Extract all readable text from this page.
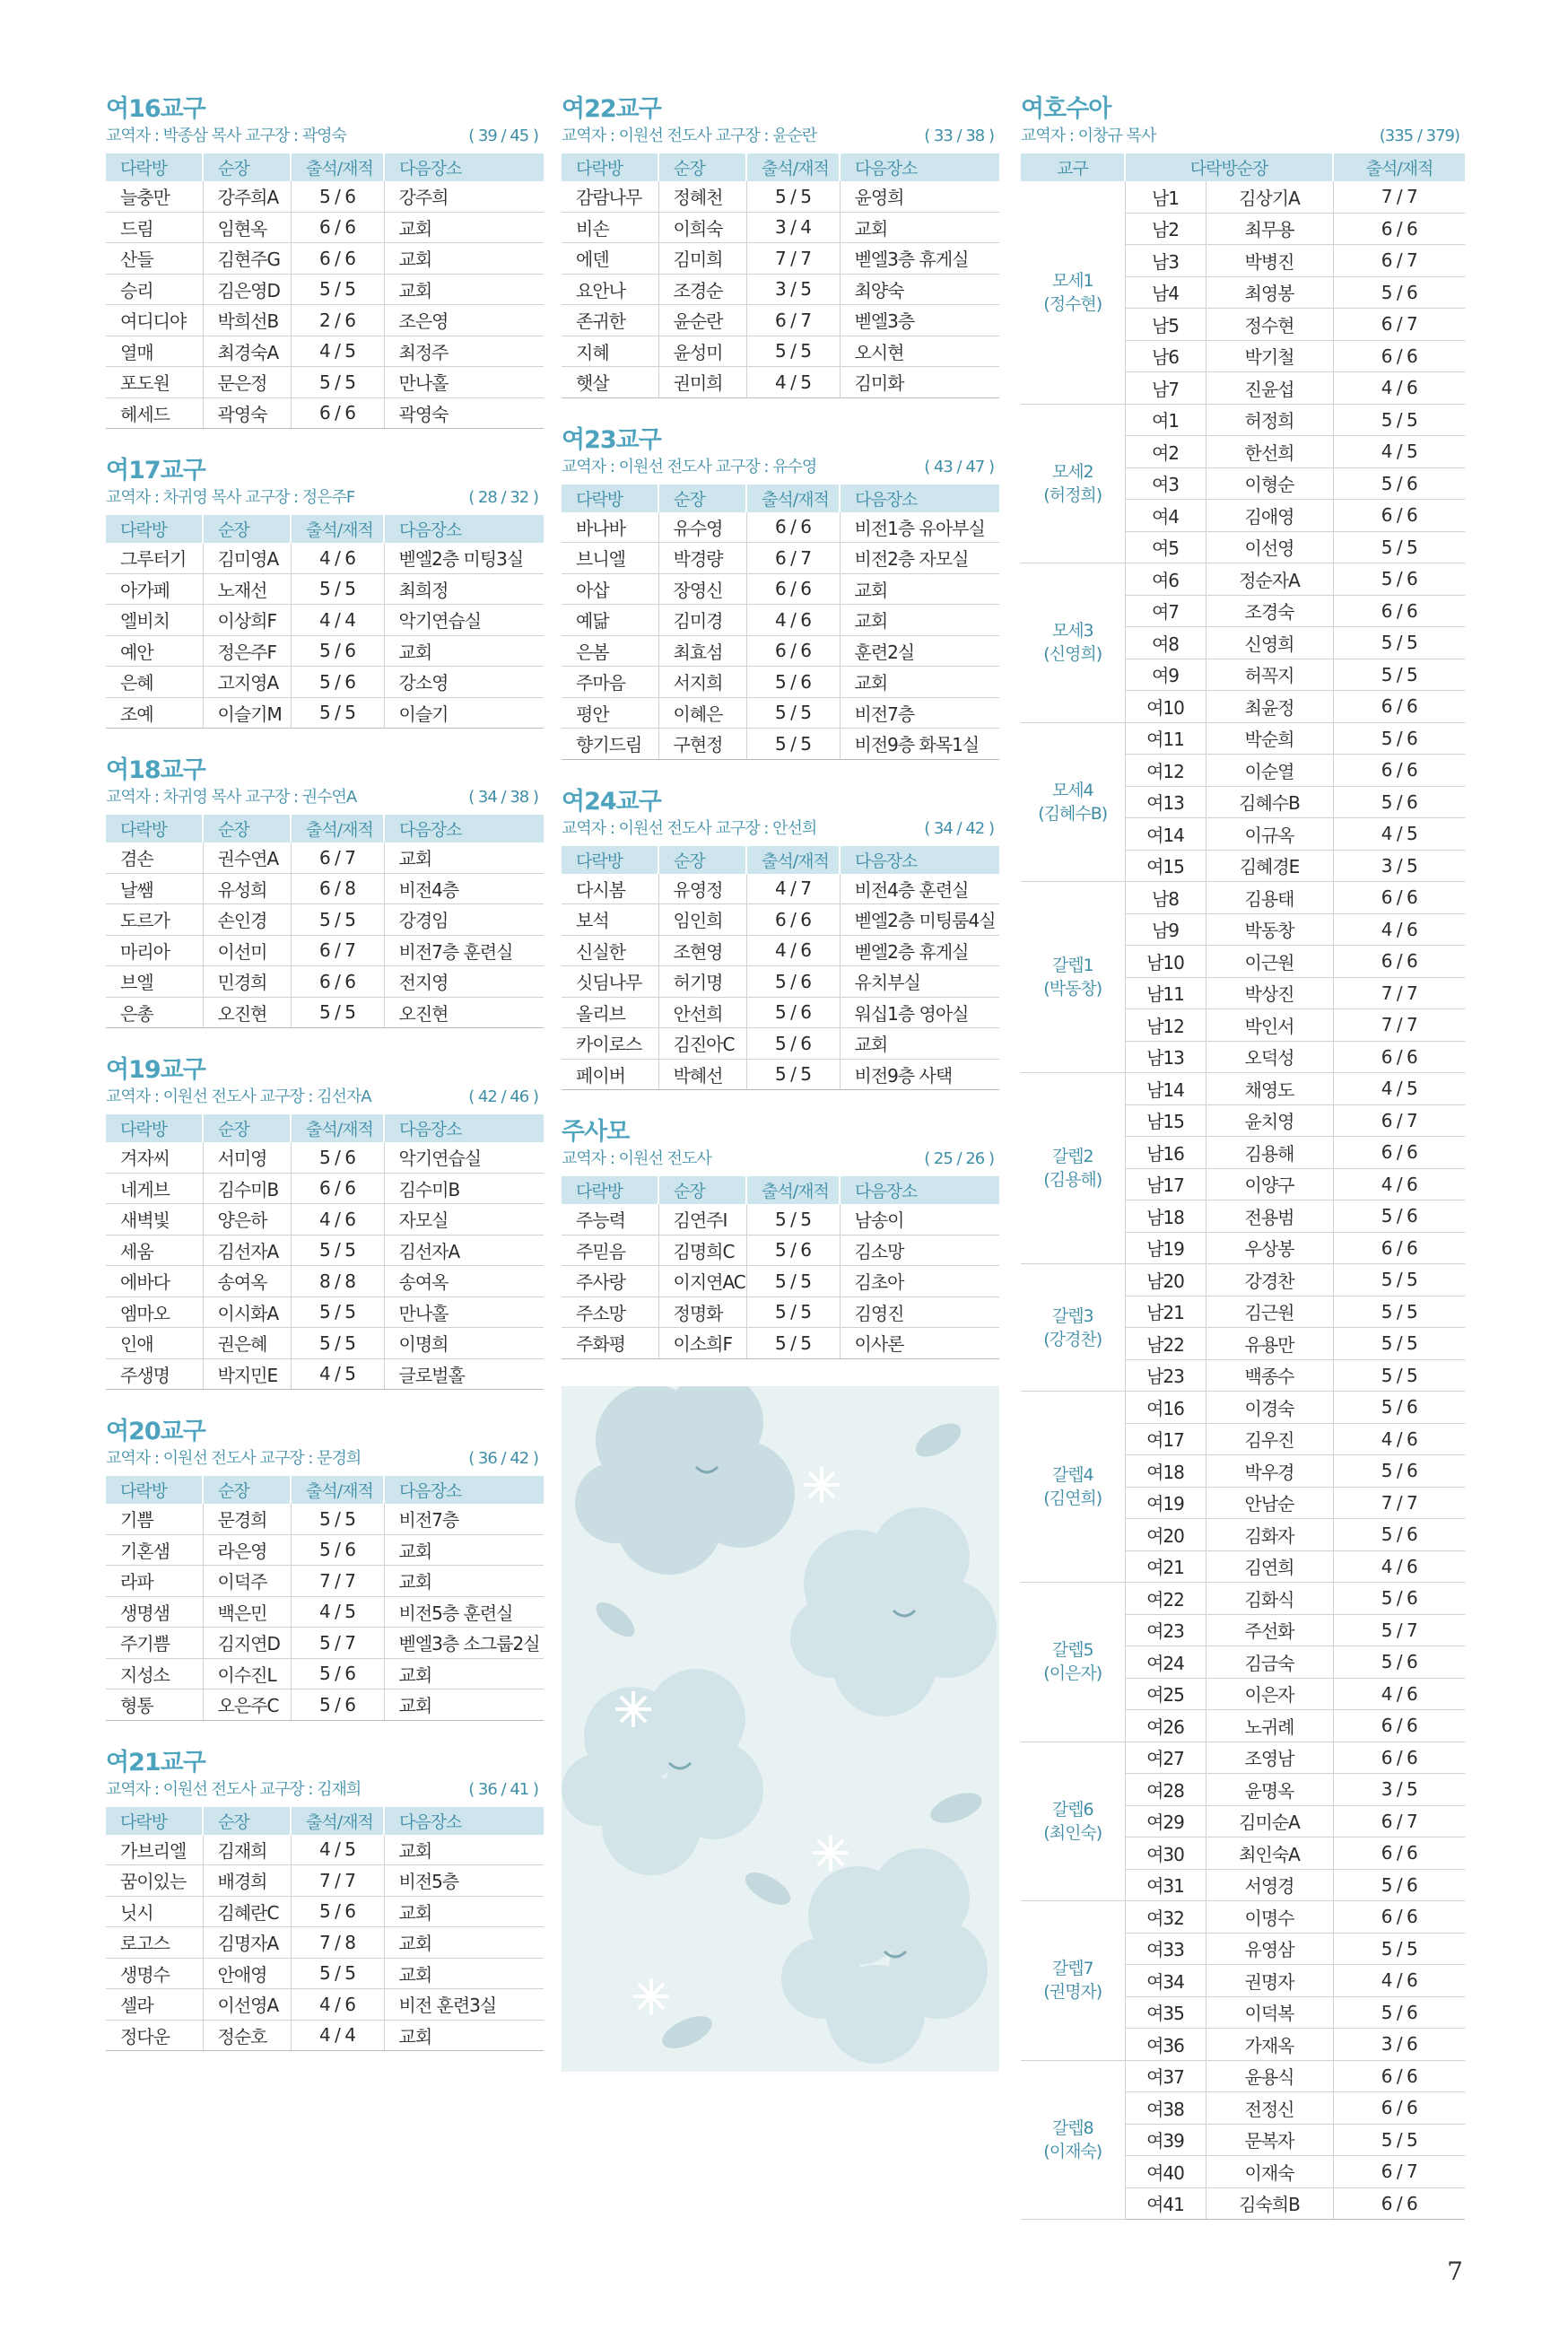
여16교구
교역자 : 박종삼 목사 교구장 : 곽영숙	( 39 / 45 )
다락방	순장	출석/재적	다음장소
늘충만	강주희A	5 / 6	강주희
드림	임현옥	6 / 6	교회
산들	김현주G	6 / 6	교회
승리	김은영D	5 / 5	교회
여디디야	박희선B	2 / 6	조은영
열매	최경숙A	4 / 5	최정주
포도원	문은정	5 / 5	만나홀
헤세드	곽영숙	6 / 6	곽영숙
여17교구
교역자 : 차귀영 목사 교구장 : 정은주F	( 28 / 32 )
다락방	순장	출석/재적	다음장소
그루터기	김미영A	4 / 6	벧엘2층 미팅3실
아가페	노재선	5 / 5	최희정
엘비치	이상희F	4 / 4	악기연습실
예안	정은주F	5 / 6	교회
은혜	고지영A	5 / 6	강소영
조예	이슬기M	5 / 5	이슬기
여18교구
교역자 : 차귀영 목사 교구장 : 권수연A	( 34 / 38 )
다락방	순장	출석/재적	다음장소
겸손	권수연A	6 / 7	교회
날쌤	유성희	6 / 8	비전4층
도르가	손인경	5 / 5	강경임
마리아	이선미	6 / 7	비전7층 훈련실
브엘	민경희	6 / 6	전지영
은총	오진현	5 / 5	오진현
여19교구
교역자 : 이원선 전도사 교구장 : 김선자A	( 42 / 46 )
다락방	순장	출석/재적	다음장소
겨자씨	서미영	5 / 6	악기연습실
네게브	김수미B	6 / 6	김수미B
새벽빛	양은하	4 / 6	자모실
세움	김선자A	5 / 5	김선자A
에바다	송여옥	8 / 8	송여옥
엠마오	이시화A	5 / 5	만나홀
인애	권은혜	5 / 5	이명희
주생명	박지민E	4 / 5	글로벌홀
여20교구
교역자 : 이원선 전도사 교구장 : 문경희	( 36 / 42 )
다락방	순장	출석/재적	다음장소
기쁨	문경희	5 / 5	비전7층
기혼샘	라은영	5 / 6	교회
라파	이덕주	7 / 7	교회
생명샘	백은민	4 / 5	비전5층 훈련실
주기쁨	김지연D	5 / 7	벧엘3층 소그룹2실
지성소	이수진L	5 / 6	교회
형통	오은주C	5 / 6	교회
여21교구
교역자 : 이원선 전도사 교구장 : 김재희	( 36 / 41 )
다락방	순장	출석/재적	다음장소
가브리엘	김재희	4 / 5	교회
꿈이있는	배경희	7 / 7	비전5층
닛시	김혜란C	5 / 6	교회
로고스	김명자A	7 / 8	교회
생명수	안애영	5 / 5	교회
셀라	이선영A	4 / 6	비전 훈련3실
정다운	정순호	4 / 4	교회
여22교구
교역자 : 이원선 전도사 교구장 : 윤순란	( 33 / 38 )
다락방	순장	출석/재적	다음장소
감람나무	정혜천	5 / 5	윤영희
비손	이희숙	3 / 4	교회
에덴	김미희	7 / 7	벧엘3층 휴게실
요안나	조경순	3 / 5	최양숙
존귀한	윤순란	6 / 7	벧엘3층
지혜	윤성미	5 / 5	오시현
햇살	권미희	4 / 5	김미화
여23교구
교역자 : 이원선 전도사 교구장 : 유수영	( 43 / 47 )
다락방	순장	출석/재적	다음장소
바나바	유수영	6 / 6	비전1층 유아부실
브니엘	박경량	6 / 7	비전2층 자모실
아삽	장영신	6 / 6	교회
예닮	김미경	4 / 6	교회
은봄	최효섬	6 / 6	훈련2실
주마음	서지희	5 / 6	교회
평안	이혜은	5 / 5	비전7층
향기드림	구현정	5 / 5	비전9층 화목1실
여24교구
교역자 : 이원선 전도사 교구장 : 안선희	( 34 / 42 )
다락방	순장	출석/재적	다음장소
다시봄	유영정	4 / 7	비전4층 훈련실
보석	임인희	6 / 6	벧엘2층 미팅룸4실
신실한	조현영	4 / 6	벧엘2층 휴게실
싯딤나무	허기명	5 / 6	유치부실
올리브	안선희	5 / 6	워십1층 영아실
카이로스	김진아C	5 / 6	교회
페이버	박혜선	5 / 5	비전9층 사택
주사모
교역자 : 이원선 전도사	( 25 / 26 )
다락방	순장	출석/재적	다음장소
주능력	김연주I	5 / 5	남송이
주믿음	김명희C	5 / 6	김소망
주사랑	이지연AC	5 / 5	김초아
주소망	정명화	5 / 5	김영진
주화평	이소희F	5 / 5	이사론
여호수아
교역자 : 이창규 목사	(335 / 379)
교구	다락방순장		출석/재적

모세1
(정수현)	남1	김상기A	7 / 7
	남2	최무용	6 / 6
	남3	박병진	6 / 7
	남4	최영봉	5 / 6
	남5	정수현	6 / 7
	남6	박기철	6 / 6
	남7	진윤섭	4 / 6

모세2
(허정희)	여1	허정희	5 / 5
	여2	한선희	4 / 5
	여3	이형순	5 / 6
	여4	김애영	6 / 6
	여5	이선영	5 / 5

모세3
(신영희)	여6	정순자A	5 / 6
	여7	조경숙	6 / 6
	여8	신영희	5 / 5
	여9	허꼭지	5 / 5
	여10	최윤정	6 / 6

모세4
(김혜수B)	여11	박순희	5 / 6
	여12	이순열	6 / 6
	여13	김혜수B	5 / 6
	여14	이규옥	4 / 5
	여15	김혜경E	3 / 5

갈렙1
(박동창)	남8	김용태	6 / 6
	남9	박동창	4 / 6
	남10	이근원	6 / 6
	남11	박상진	7 / 7
	남12	박인서	7 / 7
	남13	오덕성	6 / 6

갈렙2
(김용해)	남14	채영도	4 / 5
	남15	윤치영	6 / 7
	남16	김용해	6 / 6
	남17	이양구	4 / 6
	남18	전용범	5 / 6
	남19	우상봉	6 / 6

갈렙3
(강경찬)	남20	강경찬	5 / 5
	남21	김근원	5 / 5
	남22	유용만	5 / 5
	남23	백종수	5 / 5

갈렙4
(김연희)	여16	이경숙	5 / 6
	여17	김우진	4 / 6
	여18	박우경	5 / 6
	여19	안남순	7 / 7
	여20	김화자	5 / 6
	여21	김연희	4 / 6

갈렙5
(이은자)	여22	김화식	5 / 6
	여23	주선화	5 / 7
	여24	김금숙	5 / 6
	여25	이은자	4 / 6
	여26	노귀례	6 / 6

갈렙6
(최인숙)	여27	조영남	6 / 6
	여28	윤명옥	3 / 5
	여29	김미순A	6 / 7
	여30	최인숙A	6 / 6
	여31	서영경	5 / 6

갈렙7
(권명자)	여32	이명수	6 / 6
	여33	유영삼	5 / 5
	여34	권명자	4 / 6
	여35	이덕복	5 / 6
	여36	가재옥	3 / 6

갈렙8
(이재숙)	여37	윤용식	6 / 6
	여38	전정신	6 / 6
	여39	문복자	5 / 5
	여40	이재숙	6 / 7
	여41	김숙희B	6 / 6
7
